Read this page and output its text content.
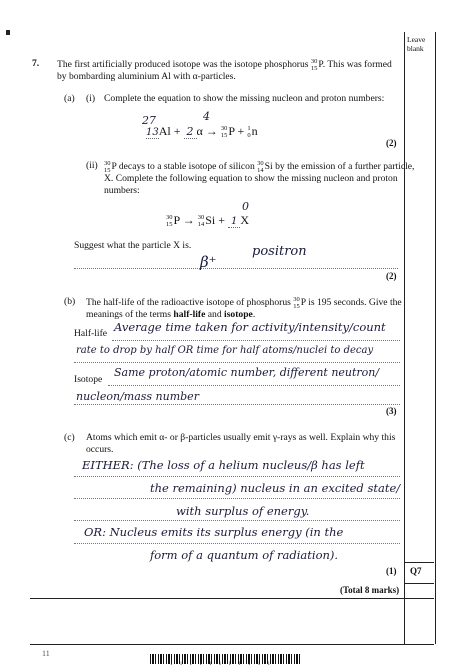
Leave
blank
Q7
7. The first artificially produced isotope was the isotope phosphorus 30
15 P. This was formed
by bombarding aluminium Al with α-particles.
(a) (i) Complete the equation to show the missing nucleon and proton numbers:
27	4
13Al + 2 α → 30
15 P + 1
0 n
(2)
(ii) 30
15 P decays to a stable isotope of silicon 30
14 Si by the emission of a further particle,
X. Complete the following equation to show the missing nucleon and proton
numbers:
0
30
15 P → 30
14 Si + 1 X
Suggest what the particle X is.
β⁺
positron
(2)
(b) The half-life of the radioactive isotope of phosphorus 30
15 P is 195 seconds. Give the
meanings of the terms half-life and isotope.
Half-life Average time taken for activity/intensity/count
rate to drop by half OR time for half atoms/nuclei to decay
Isotope
Same proton/atomic number, different neutron/
nucleon/mass number
(3)
(c) Atoms which emit α- or β-particles usually emit γ-rays as well. Explain why this
occurs.
EITHER: (The loss of a helium nucleus/β has left
the remaining) nucleus in an excited state/
with surplus of energy.
OR: Nucleus emits its surplus energy (in the
form of a quantum of radiation).
(1)
(Total 8 marks)
11
1 1 1 1 1 1 1 1 1 1 1
